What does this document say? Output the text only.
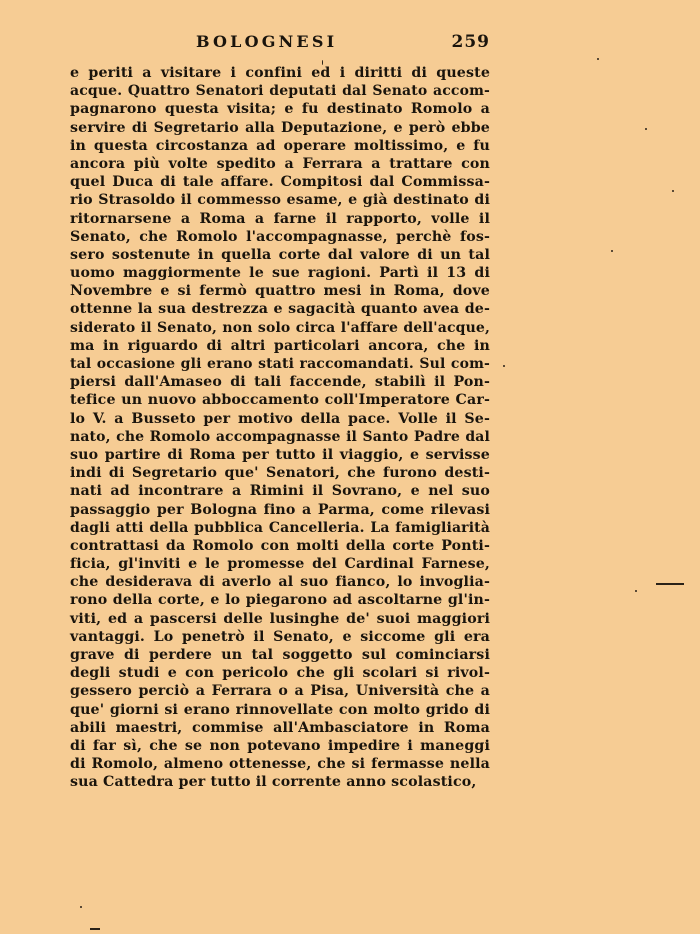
BOLOGNESI	259
e periti a visitare i confini ed i diritti di queste
acque. Quattro Senatori deputati dal Senato accom-
pagnarono questa visita; e fu destinato Romolo a
servire di Segretario alla Deputazione, e però ebbe
in questa circostanza ad operare moltissimo, e fu
ancora più volte spedito a Ferrara a trattare con
quel Duca di tale affare. Compitosi dal Commissa-
rio Strasoldo il commesso esame, e già destinato di
ritornarsene a Roma a farne il rapporto, volle il
Senato, che Romolo l'accompagnasse, perchè fos-
sero sostenute in quella corte dal valore di un tal
uomo maggiormente le sue ragioni. Partì il 13 di
Novembre e si fermò quattro mesi in Roma, dove
ottenne la sua destrezza e sagacità quanto avea de-
siderato il Senato, non solo circa l'affare dell'acque,
ma in riguardo di altri particolari ancora, che in
tal occasione gli erano stati raccomandati. Sul com-
piersi dall'Amaseo di tali faccende, stabilì il Pon-
tefice un nuovo abboccamento coll'Imperatore Car-
lo V. a Busseto per motivo della pace. Volle il Se-
nato, che Romolo accompagnasse il Santo Padre dal
suo partire di Roma per tutto il viaggio, e servisse
indi di Segretario que' Senatori, che furono desti-
nati ad incontrare a Rimini il Sovrano, e nel suo
passaggio per Bologna fino a Parma, come rilevasi
dagli atti della pubblica Cancelleria. La famigliarità
contrattasi da Romolo con molti della corte Ponti-
ficia, gl'inviti e le promesse del Cardinal Farnese,
che desiderava di averlo al suo fianco, lo invoglia-
rono della corte, e lo piegarono ad ascoltarne gl'in-
viti, ed a pascersi delle lusinghe de' suoi maggiori
vantaggi. Lo penetrò il Senato, e siccome gli era
grave di perdere un tal soggetto sul cominciarsi
degli studi e con pericolo che gli scolari si rivol-
gessero perciò a Ferrara o a Pisa, Università che a
que' giorni si erano rinnovellate con molto grido di
abili maestri, commise all'Ambasciatore in Roma
di far sì, che se non potevano impedire i maneggi
di Romolo, almeno ottenesse, che si fermasse nella
sua Cattedra per tutto il corrente anno scolastico,
